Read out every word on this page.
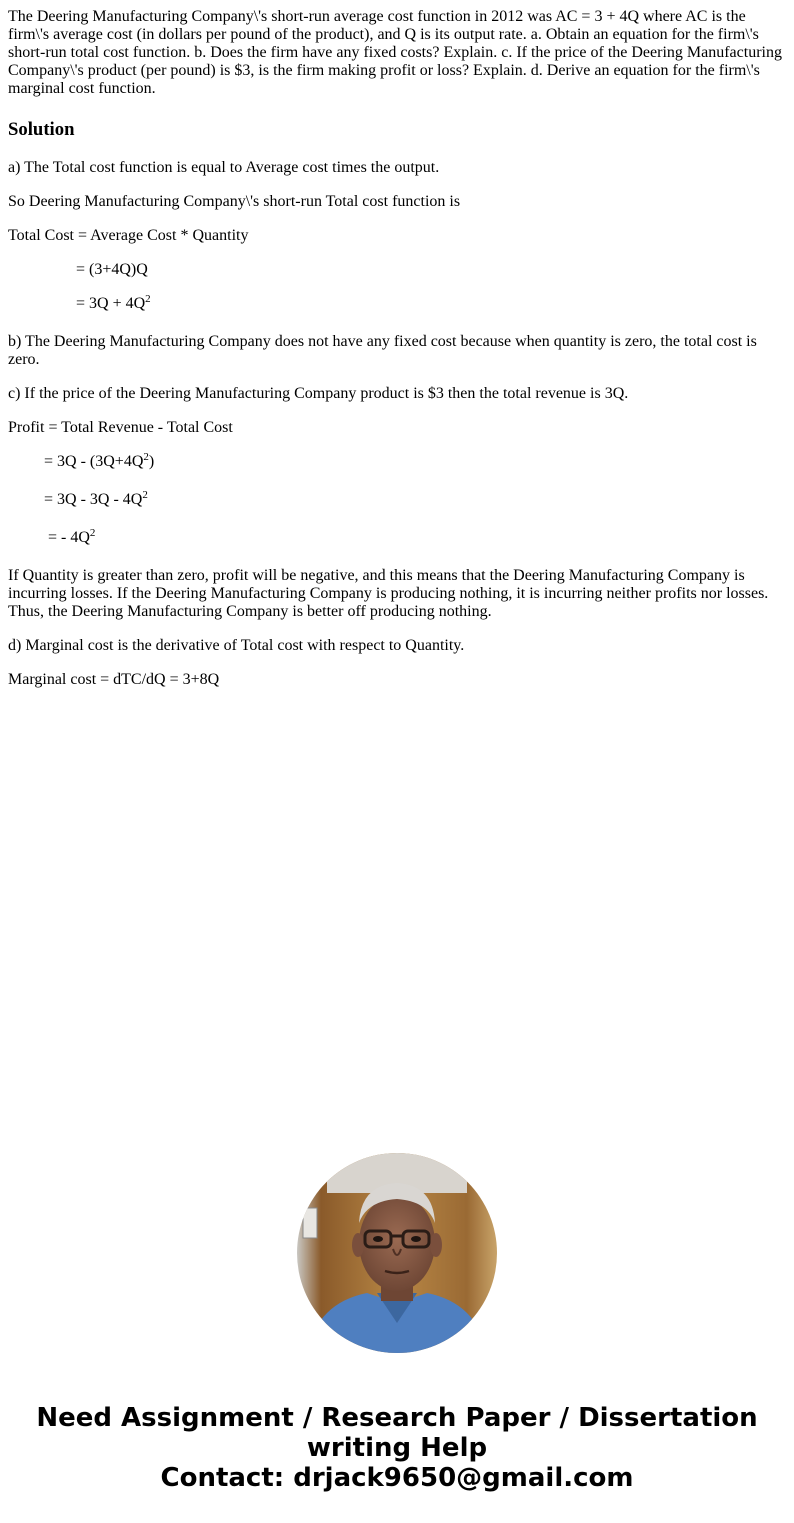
The Deering Manufacturing Company\'s short-run average cost function in 2012 was AC = 3 + 4Q where AC is the firm\'s average cost (in dollars per pound of the product), and Q is its output rate. a. Obtain an equation for the firm\'s short-run total cost function. b. Does the firm have any fixed costs? Explain. c. If the price of the Deering Manufacturing Company\'s product (per pound) is $3, is the firm making profit or loss? Explain. d. Derive an equation for the firm\'s marginal cost function.

Solution

a) The Total cost function is equal to Average cost times the output.

So Deering Manufacturing Company\'s short-run Total cost function is

Total Cost = Average Cost * Quantity

= (3+4Q)Q

= $3Q + 4Q^2$

b) The Deering Manufacturing Company does not have any fixed cost because when quantity is zero, the total cost is zero.

c) If the price of the Deering Manufacturing Company product is $3 then the total revenue is 3Q.

Profit = Total Revenue - Total Cost

= $3Q - (3Q+4Q^2)$

= $3Q - 3Q - 4Q^2$

= - $4Q^2$

If Quantity is greater than zero, profit will be negative, and this means that the Deering Manufacturing Company is incurring losses. If the Deering Manufacturing Company is producing nothing, it is incurring neither profits nor losses. Thus, the Deering Manufacturing Company is better off producing nothing.

d) Marginal cost is the derivative of Total cost with respect to Quantity.

Marginal cost = dTC/dQ = 3+8Q

Need Assignment / Research Paper / Dissertation
writing Help
Contact: drjack9650@gmail.com
